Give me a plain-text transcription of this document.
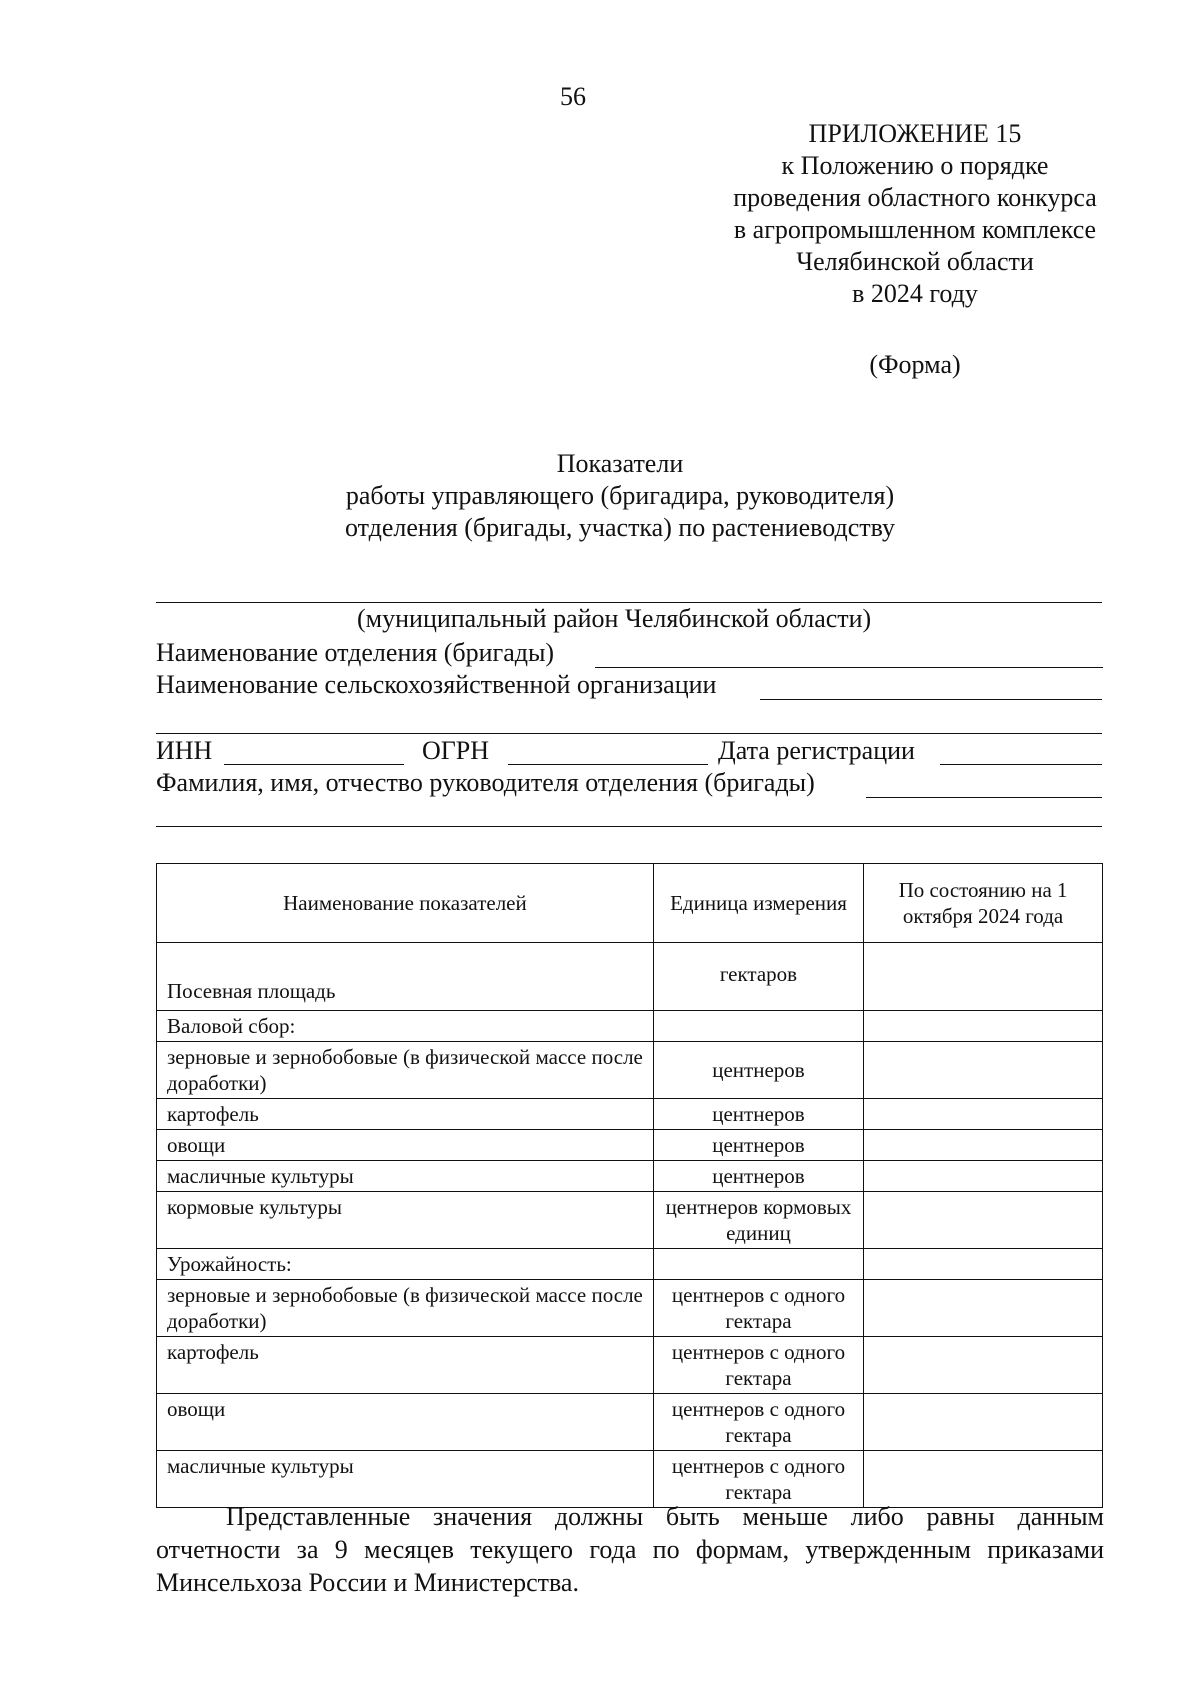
56
ПРИЛОЖЕНИЕ 15
к Положению о порядке
проведения областного конкурса
в агропромышленном комплексе
Челябинской области
в 2024 году
(Форма)
Показатели
работы управляющего (бригадира, руководителя)
отделения (бригады, участка) по растениеводству
(муниципальный район Челябинской области)
Наименование отделения (бригады)
Наименование сельскохозяйственной организации
ИНН	ОГРН	Дата регистрации
Фамилия, имя, отчество руководителя отделения (бригады)
Наименование показателей	Единица измерения	По состоянию на 1 октября 2024 года
Посевная площадь	гектаров	
Валовой сбор:		
зерновые и зернобобовые (в физической массе после доработки)	центнеров	
картофель	центнеров	
овощи	центнеров	
масличные культуры	центнеров	
кормовые культуры	центнеров кормовых единиц	
Урожайность:		
зерновые и зернобобовые (в физической массе после доработки)	центнеров с одного гектара	
картофель	центнеров с одного гектара	
овощи	центнеров с одного гектара	
масличные культуры	центнеров с одного гектара	
Представленные значения должны быть меньше либо равны данным отчетности за 9 месяцев текущего года по формам, утвержденным приказами Минсельхоза России и Министерства.
